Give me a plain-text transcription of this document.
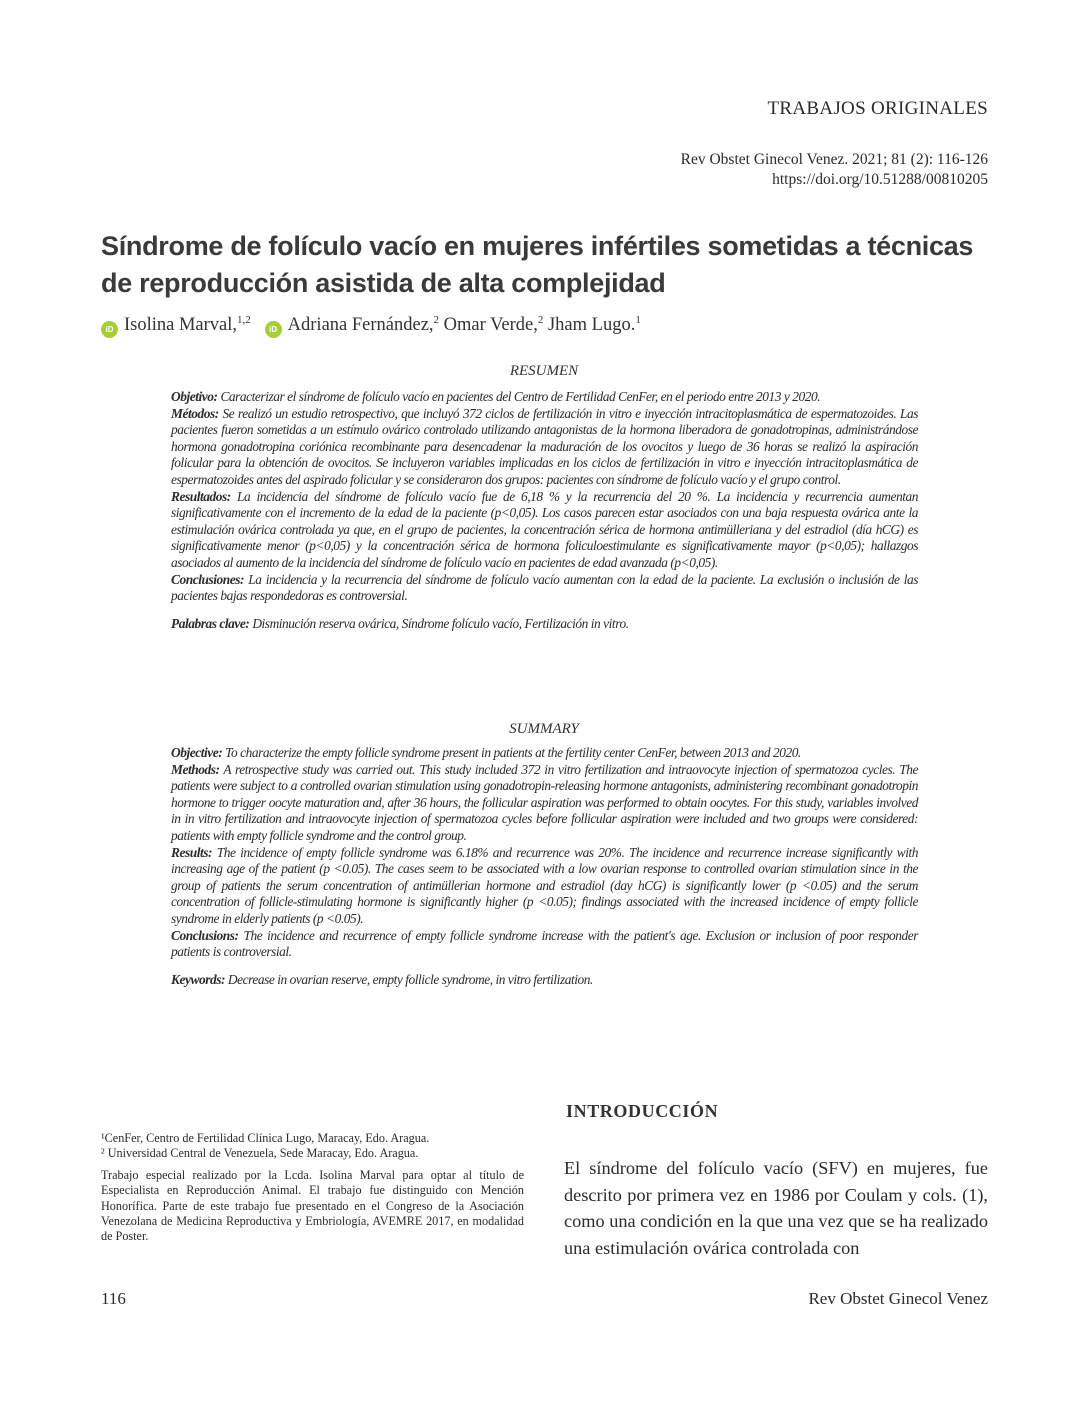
TRABAJOS ORIGINALES
Rev Obstet Ginecol Venez. 2021; 81 (2): 116-126
https://doi.org/10.51288/00810205
Síndrome de folículo vacío en mujeres infértiles sometidas a técnicas de reproducción asistida de alta complejidad
iD Isolina Marval,$^{1,2}$   iD Adriana Fernández,$^2$ Omar Verde,$^2$ Jham Lugo.$^1$
RESUMEN

Objetivo: Caracterizar el síndrome de folículo vacío en pacientes del Centro de Fertilidad CenFer, en el periodo entre 2013 y 2020.

Métodos: Se realizó un estudio retrospectivo, que incluyó 372 ciclos de fertilización in vitro e inyección intracitoplasmática de espermatozoides. Las pacientes fueron sometidas a un estímulo ovárico controlado utilizando antagonistas de la hormona liberadora de gonadotropinas, administrándose hormona gonadotropina coriónica recombinante para desencadenar la maduración de los ovocitos y luego de 36 horas se realizó la aspiración folicular para la obtención de ovocitos. Se incluyeron variables implicadas en los ciclos de fertilización in vitro e inyección intracitoplasmática de espermatozoides antes del aspirado folicular y se consideraron dos grupos: pacientes con síndrome de folículo vacío y el grupo control.

Resultados: La incidencia del síndrome de folículo vacío fue de 6,18 % y la recurrencia del 20 %. La incidencia y recurrencia aumentan significativamente con el incremento de la edad de la paciente (p<0,05). Los casos parecen estar asociados con una baja respuesta ovárica ante la estimulación ovárica controlada ya que, en el grupo de pacientes, la concentración sérica de hormona antimülleriana y del estradiol (día hCG) es significativamente menor (p<0,05) y la concentración sérica de hormona foliculoestimulante es significativamente mayor (p<0,05); hallazgos asociados al aumento de la incidencia del síndrome de folículo vacío en pacientes de edad avanzada (p<0,05).

Conclusiones: La incidencia y la recurrencia del síndrome de folículo vacío aumentan con la edad de la paciente. La exclusión o inclusión de las pacientes bajas respondedoras es controversial.

Palabras clave: Disminución reserva ovárica, Síndrome folículo vacío, Fertilización in vitro.

SUMMARY

Objective: To characterize the empty follicle syndrome present in patients at the fertility center CenFer, between 2013 and 2020.

Methods: A retrospective study was carried out. This study included 372 in vitro fertilization and intraovocyte injection of spermatozoa cycles. The patients were subject to a controlled ovarian stimulation using gonadotropin-releasing hormone antagonists, administering recombinant gonadotropin hormone to trigger oocyte maturation and, after 36 hours, the follicular aspiration was performed to obtain oocytes. For this study, variables involved in in vitro fertilization and intraovocyte injection of spermatozoa cycles before follicular aspiration were included and two groups were considered: patients with empty follicle syndrome and the control group.

Results: The incidence of empty follicle syndrome was 6.18% and recurrence was 20%. The incidence and recurrence increase significantly with increasing age of the patient (p <0.05). The cases seem to be associated with a low ovarian response to controlled ovarian stimulation since in the group of patients the serum concentration of antimüllerian hormone and estradiol (day hCG) is significantly lower (p <0.05) and the serum concentration of follicle-stimulating hormone is significantly higher (p <0.05); findings associated with the increased incidence of empty follicle syndrome in elderly patients (p <0.05).

Conclusions: The incidence and recurrence of empty follicle syndrome increase with the patient's age. Exclusion or inclusion of poor responder patients is controversial.

Keywords: Decrease in ovarian reserve, empty follicle syndrome, in vitro fertilization.

¹CenFer, Centro de Fertilidad Clínica Lugo, Maracay, Edo. Aragua.

² Universidad Central de Venezuela, Sede Maracay, Edo. Aragua.

Trabajo especial realizado por la Lcda. Isolina Marval para optar al título de Especialista en Reproducción Animal. El trabajo fue distinguido con Mención Honorífica. Parte de este trabajo fue presentado en el Congreso de la Asociación Venezolana de Medicina Reproductiva y Embriología, AVEMRE 2017, en modalidad de Poster.

INTRODUCCIÓN
El síndrome del folículo vacío (SFV) en mujeres, fue descrito por primera vez en 1986 por Coulam y cols. (1), como una condición en la que una vez que se ha realizado una estimulación ovárica controlada con
116	Rev Obstet Ginecol Venez
